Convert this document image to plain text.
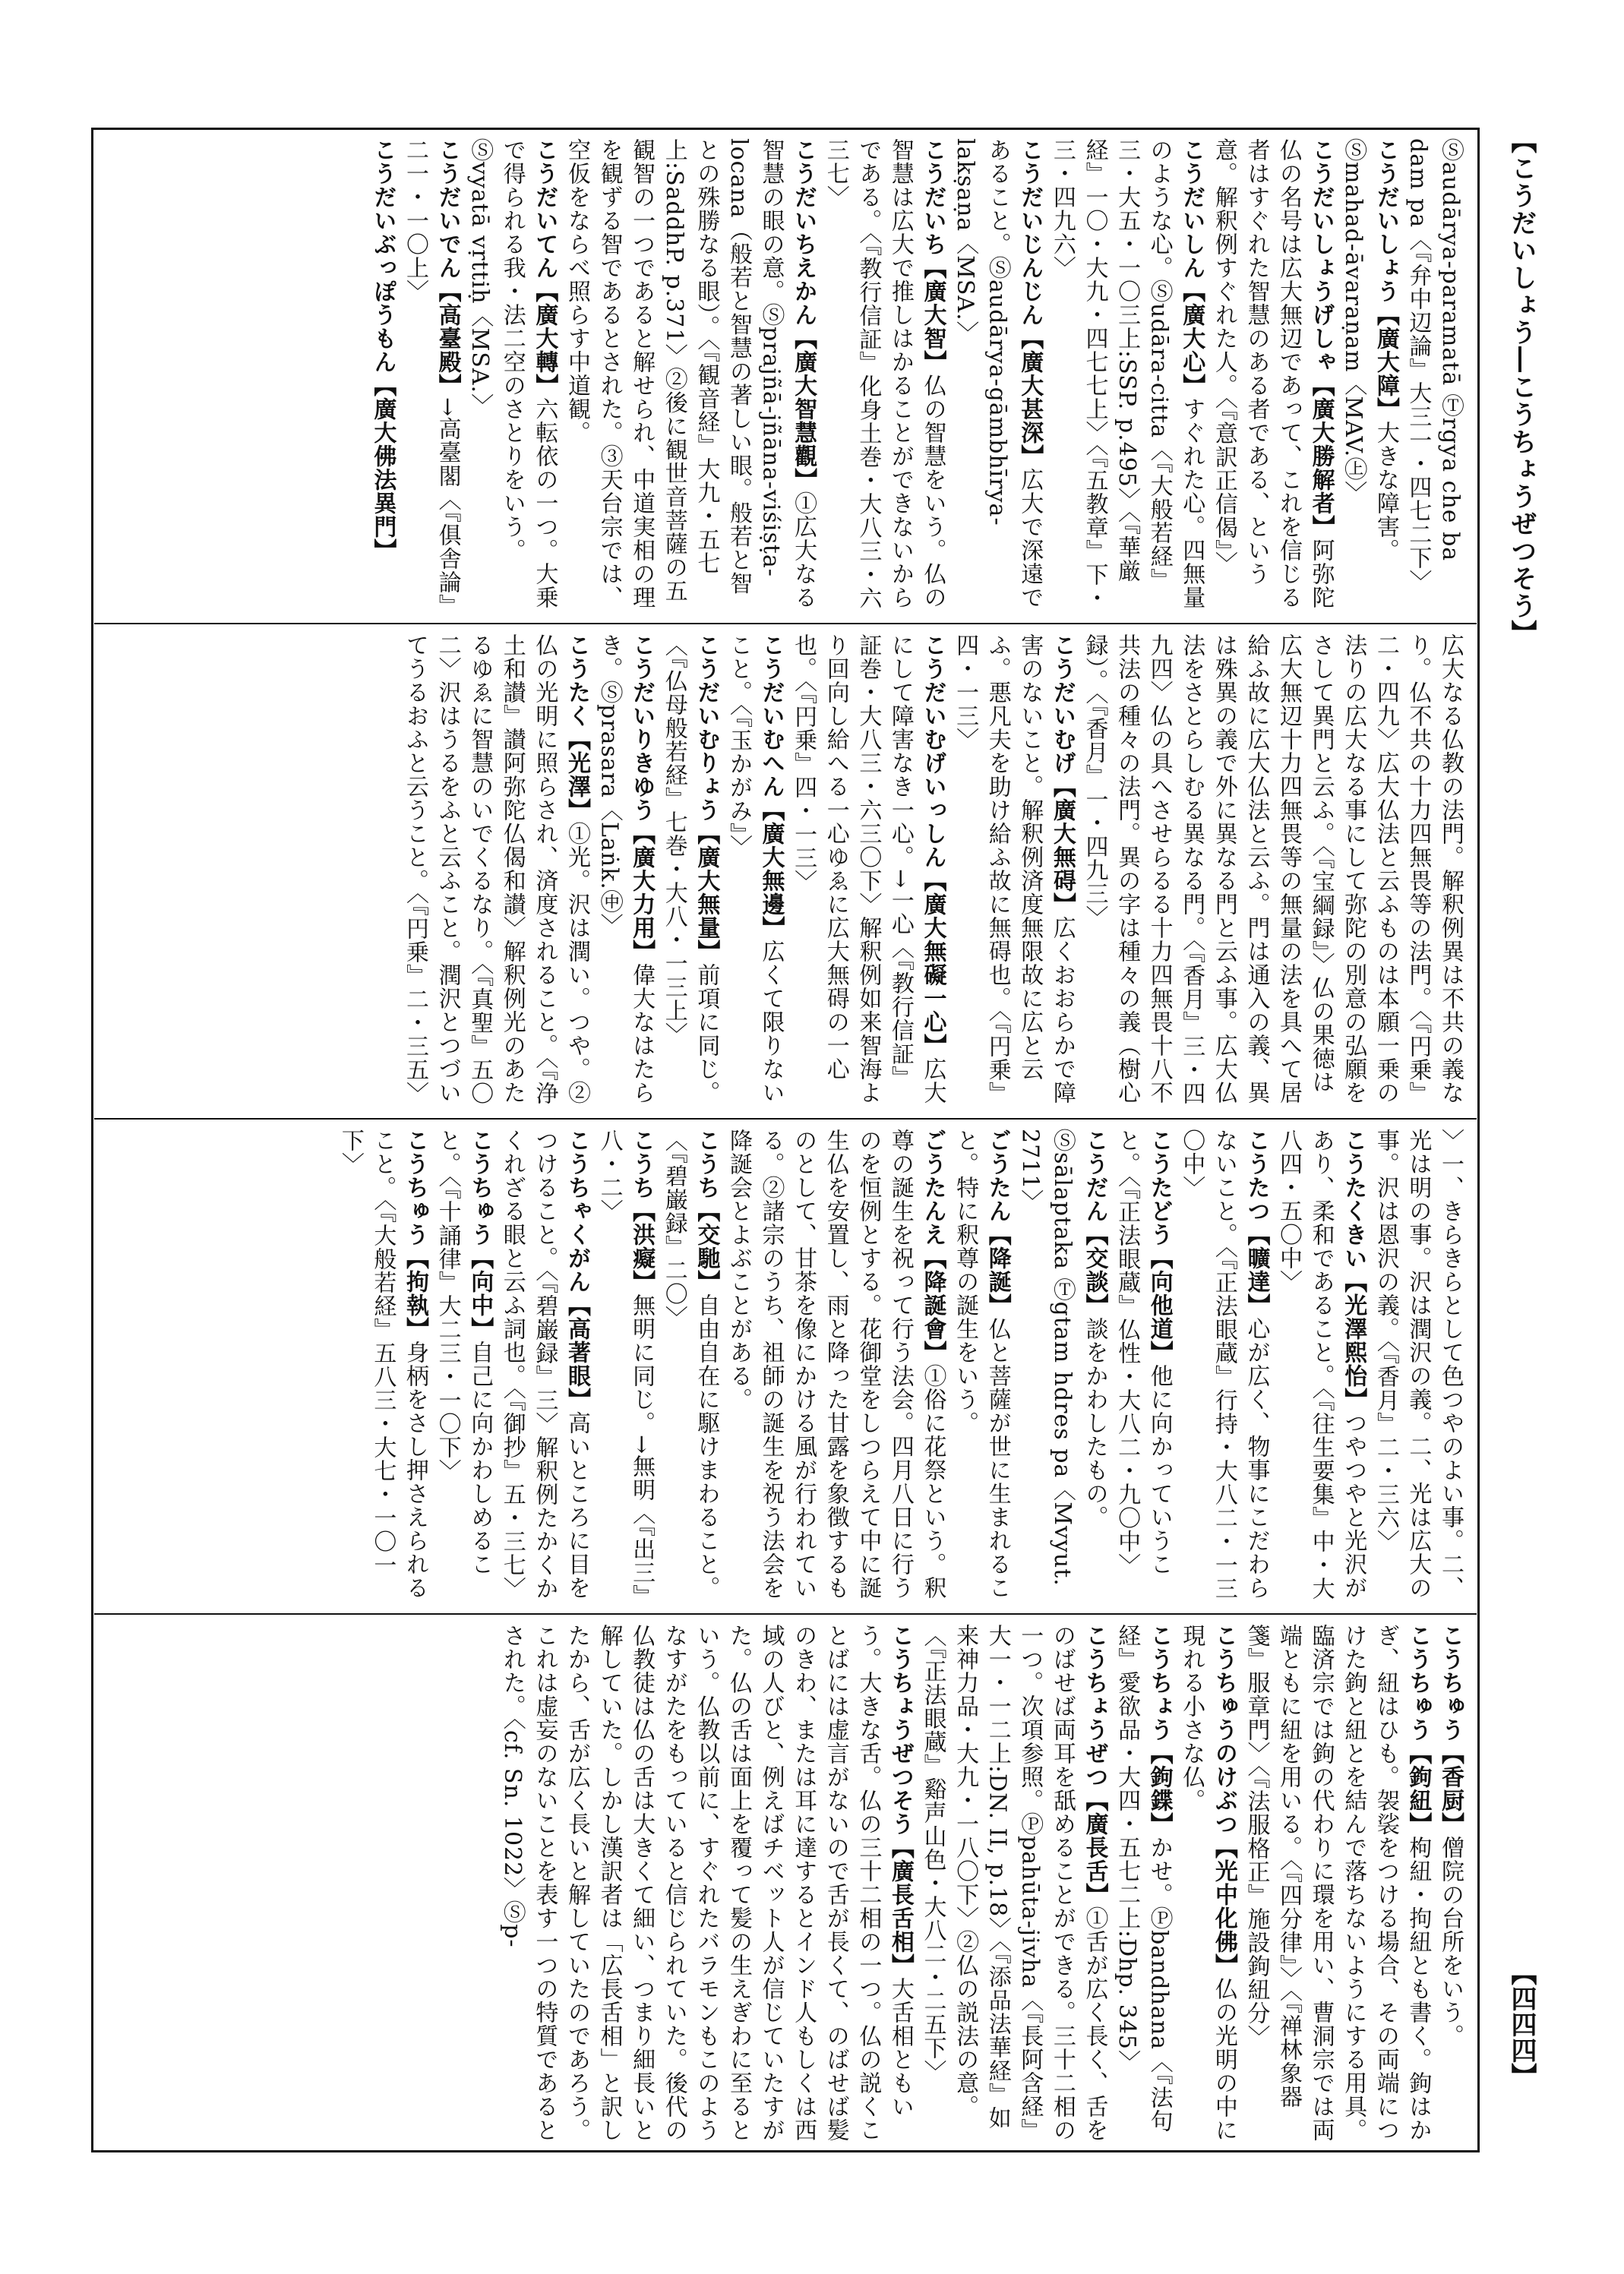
【こうだいしょう―こうちょうぜつそう】
【四四四】

Ⓢaudārya-paramatā Ⓣrgya che ba dam pa〈『弁中辺論』大三一・四七二下〉

こうだいしょう【廣大障】大きな障害。Ⓢmahad-āvaraṇam〈MAV.㊤〉

こうだいしょうげしゃ【廣大勝解者】阿弥陀仏の名号は広大無辺であって、これを信じる者はすぐれた智慧のある者である、という意。解釈例すぐれた人。〈『意訳正信偈』〉

こうだいしん【廣大心】すぐれた心。四無量のような心。Ⓢudāra-citta〈『大般若経』三・大五・一〇三上:SSP. p.495〉〈『華厳経』一〇・大九・四七七上〉〈『五教章』下・三・四九六〉

こうだいじんじん【廣大甚深】広大で深遠であること。Ⓢaudārya-gāmbhīrya-lakṣaṇa〈MSA.〉

こうだいち【廣大智】仏の智慧をいう。仏の智慧は広大で推しはかることができないからである。〈『教行信証』化身土巻・大八三・六三七〉

こうだいちえかん【廣大智慧觀】①広大なる智慧の眼の意。Ⓢprajñā-jñāna-viśiṣṭa-locana（般若と智慧の著しい眼。般若と智との殊勝なる眼）。〈『観音経』大九・五七上:SaddhP. p.371〉②後に観世音菩薩の五観智の一つであると解せられ、中道実相の理を観ずる智であるとされた。③天台宗では、空仮をならべ照らす中道観。

こうだいてん【廣大轉】六転依の一つ。大乗で得られる我・法二空のさとりをいう。Ⓢvyatā vṛttiḥ〈MSA.〉

こうだいでん【高臺殿】→高臺閣〈『俱舎論』二一・一〇上〉

こうだいぶっぽうもん【廣大佛法異門】

広大なる仏教の法門。解釈例異は不共の義なり。仏不共の十力四無畏等の法門。〈『円乗』二・四九〉広大仏法と云ふものは本願一乗の法りの広大なる事にして弥陀の別意の弘願をさして異門と云ふ。〈『宝綱録』〉仏の果徳は広大無辺十力四無畏等の無量の法を具へて居給ふ故に広大仏法と云ふ。門は通入の義、異は殊異の義で外に異なる門と云ふ事。広大仏法をさとらしむる異なる門。〈『香月』三・四九四〉仏の具へさせらるる十力四無畏十八不共法の種々の法門。異の字は種々の義（樹心録）。〈『香月』一・四九三〉

こうだいむげ【廣大無碍】広くおおらかで障害のないこと。解釈例済度無限故に広と云ふ。悪凡夫を助け給ふ故に無碍也。〈『円乗』四・一三〉

こうだいむげいっしん【廣大無礙一心】広大にして障害なき一心。→一心〈『教行信証』証巻・大八三・六三〇下〉解釈例如来智海より回向し給へる一心ゆゑに広大無碍の一心也。〈『円乗』四・一三〉

こうだいむへん【廣大無邊】広くて限りないこと。〈『玉かがみ』〉

こうだいむりょう【廣大無量】前項に同じ。〈『仏母般若経』七巻・大八・一三上〉

こうだいりきゆう【廣大力用】偉大なはたらき。Ⓢprasara〈Laṅk.㊥〉

こうたく【光澤】①光。沢は潤い。つや。②仏の光明に照らされ、済度されること。〈『浄土和讃』讃阿弥陀仏偈和讃〉解釈例光のあたるゆゑに智慧のいでくるなり。〈『真聖』五〇二〉沢はうるをふと云ふこと。潤沢とつづいてうるおふと云うこと。〈『円乗』二・三五〉

〉一、きらきらとして色つやのよい事。二、光は明の事。沢は潤沢の義。二、光は広大の事。沢は恩沢の義。〈『香月』二・三六〉

こうたくきい【光澤熙怡】つやつやと光沢があり、柔和であること。〈『往生要集』中・大八四・五〇中〉

こうたつ【曠達】心が広く、物事にこだわらないこと。〈『正法眼蔵』行持・大八二・一三〇中〉

こうたどう【向他道】他に向かっていうこと。〈『正法眼蔵』仏性・大八二・九〇中〉

こうだん【交談】談をかわしたもの。Ⓢsālaptaka Ⓣgtam hdres pa〈Mvyut. 2711〉

ごうたん【降誕】仏と菩薩が世に生まれること。特に釈尊の誕生をいう。

ごうたんえ【降誕會】①俗に花祭という。釈尊の誕生を祝って行う法会。四月八日に行うのを恒例とする。花御堂をしつらえて中に誕生仏を安置し、雨と降った甘露を象徴するものとして、甘茶を像にかける風が行われている。②諸宗のうち、祖師の誕生を祝う法会を降誕会とよぶことがある。

こうち【交馳】自由自在に駆けまわること。〈『碧巌録』二〇〉

こうち【洪癡】無明に同じ。→無明〈『出三』八・二〉

こうちゃくがん【高著眼】高いところに目をつけること。〈『碧巌録』三〉解釈例たかくかくれざる眼と云ふ詞也。〈『御抄』五・三七〉

こうちゅう【向中】自己に向かわしめること。〈『十誦律』大二三・一〇下〉

こうちゅう【拘執】身柄をさし押さえられること。〈『大般若経』五八三・大七・一〇一下〉

こうちゅう【香厨】僧院の台所をいう。

こうちゅう【鉤紐】枸紐・拘紐とも書く。鉤はかぎ、紐はひも。袈裟をつける場合、その両端につけた鉤と紐とを結んで落ちないようにする用具。臨済宗では鉤の代わりに環を用い、曹洞宗では両端ともに紐を用いる。〈『四分律』〉〈『禅林象器箋』服章門〉〈『法服格正』施設鉤紐分〉

こうちゅうのけぶつ【光中化佛】仏の光明の中に現れる小さな仏。

こうちょう【鉤鍱】かせ。Ⓟbandhana〈『法句経』愛欲品・大四・五七二上:Dhp. 345〉

こうちょうぜつ【廣長舌】①舌が広く長く、舌をのばせば両耳を舐めることができる。三十二相の一つ。次項参照。Ⓟpahūta-jivha〈『長阿含経』大一・一二上:DN. II, p.18〉〈『添品法華経』如来神力品・大九・一八〇下〉②仏の説法の意。〈『正法眼蔵』谿声山色・大八二・二五下〉

こうちょうぜつそう【廣長舌相】大舌相ともいう。大きな舌。仏の三十二相の一つ。仏の説くことばには虚言がないので舌が長くて、のばせば髪のきわ、または耳に達するとインド人もしくは西域の人びと、例えばチベット人が信じていたすがた。仏の舌は面上を覆って髪の生えぎわに至るという。仏教以前に、すぐれたバラモンもこのようなすがたをもっていると信じられていた。後代の仏教徒は仏の舌は大きくて細い、つまり細長いと解していた。しかし漢訳者は「広長舌相」と訳したから、舌が広く長いと解していたのであろう。これは虚妄のないことを表す一つの特質であるとされた。〈cf. Sn. 1022〉Ⓢp-
